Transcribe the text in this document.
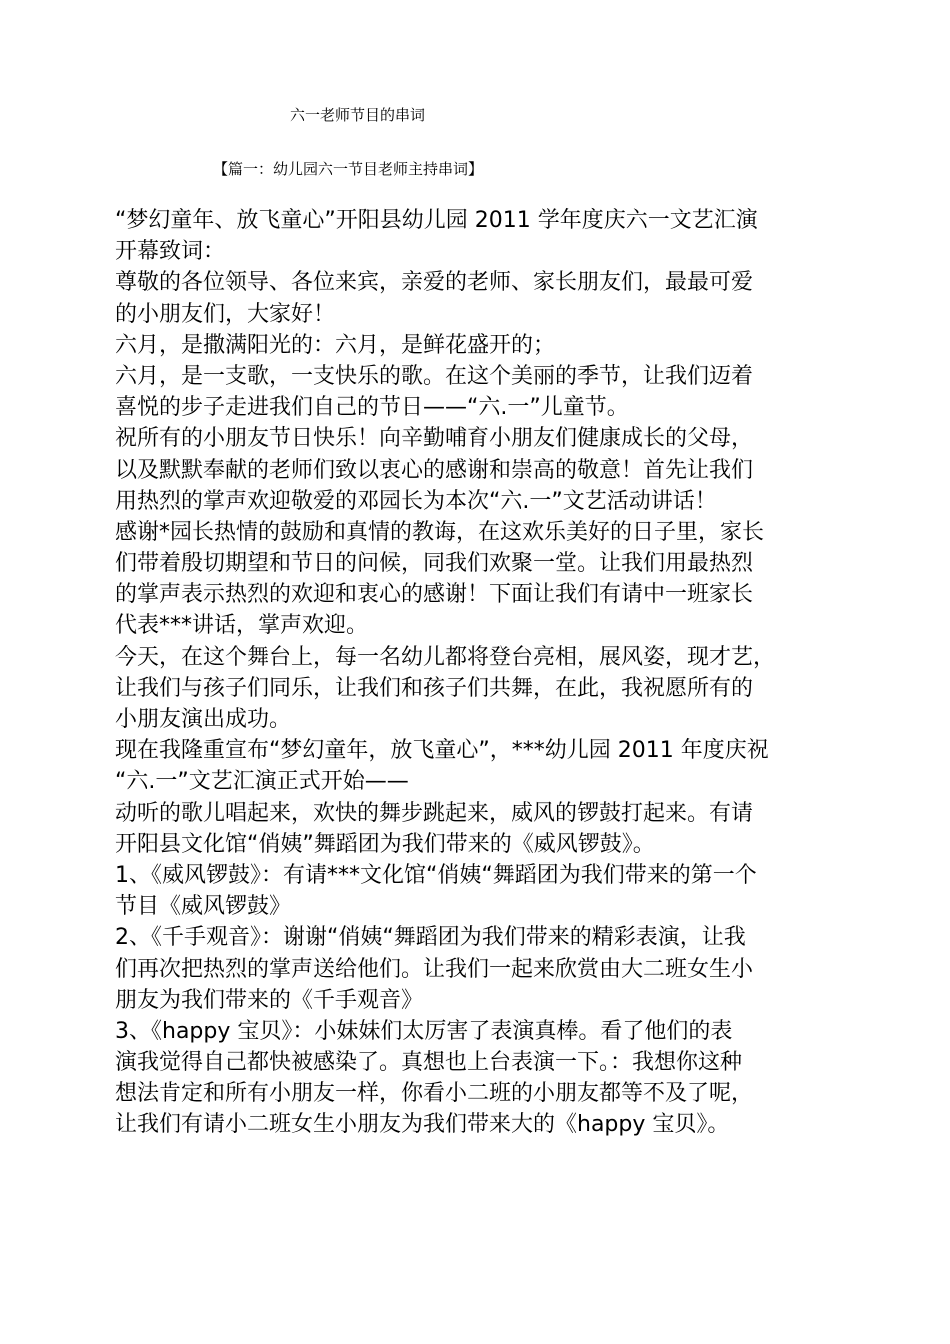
六一老师节目的串词
【篇一：幼儿园六一节目老师主持串词】
“梦幻童年、放飞童心”开阳县幼儿园 2011 学年度庆六一文艺汇演
开幕致词：
尊敬的各位领导、各位来宾，亲爱的老师、家长朋友们，最最可爱
的小朋友们，大家好！
六月，是撒满阳光的：六月，是鲜花盛开的；
六月，是一支歌，一支快乐的歌。在这个美丽的季节，让我们迈着
喜悦的步子走进我们自己的节日——“六.一”儿童节。
祝所有的小朋友节日快乐！向辛勤哺育小朋友们健康成长的父母，
以及默默奉献的老师们致以衷心的感谢和崇高的敬意！首先让我们
用热烈的掌声欢迎敬爱的邓园长为本次“六.一”文艺活动讲话！
感谢*园长热情的鼓励和真情的教诲，在这欢乐美好的日子里，家长
们带着殷切期望和节日的问候，同我们欢聚一堂。让我们用最热烈
的掌声表示热烈的欢迎和衷心的感谢！下面让我们有请中一班家长
代表***讲话，掌声欢迎。
今天，在这个舞台上，每一名幼儿都将登台亮相，展风姿，现才艺，
让我们与孩子们同乐，让我们和孩子们共舞，在此，我祝愿所有的
小朋友演出成功。
现在我隆重宣布“梦幻童年，放飞童心”，***幼儿园 2011 年度庆祝
“六.一”文艺汇演正式开始——
动听的歌儿唱起来，欢快的舞步跳起来，威风的锣鼓打起来。有请
开阳县文化馆“俏姨”舞蹈团为我们带来的《威风锣鼓》。
1、《威风锣鼓》：有请***文化馆“俏姨“舞蹈团为我们带来的第一个
节目《威风锣鼓》
2、《千手观音》：谢谢“俏姨“舞蹈团为我们带来的精彩表演，让我
们再次把热烈的掌声送给他们。让我们一起来欣赏由大二班女生小
朋友为我们带来的《千手观音》
3、《happy 宝贝》：小妹妹们太厉害了表演真棒。看了他们的表
演我觉得自己都快被感染了。真想也上台表演一下。：我想你这种
想法肯定和所有小朋友一样，你看小二班的小朋友都等不及了呢，
让我们有请小二班女生小朋友为我们带来大的《happy 宝贝》。
